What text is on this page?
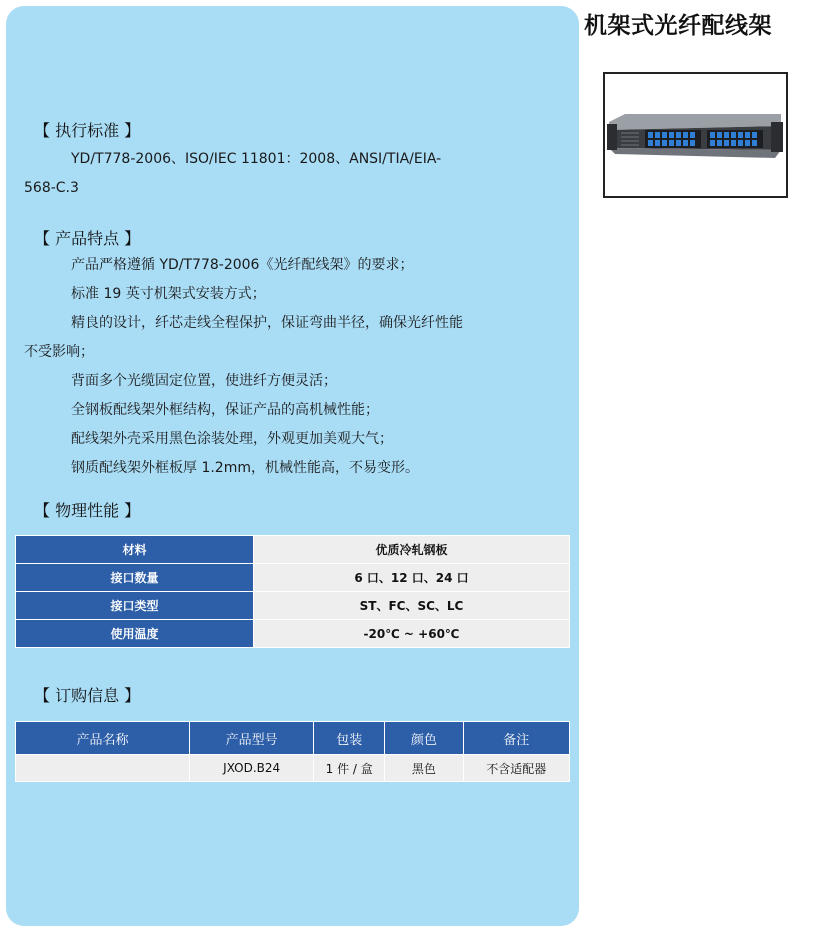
机架式光纤配线架
【 执行标准 】
YD/T778-2006、ISO/IEC 11801：2008、ANSI/TIA/EIA-
568-C.3
【 产品特点 】
产品严格遵循 YD/T778-2006《光纤配线架》的要求；
标准 19 英寸机架式安装方式；
精良的设计，纤芯走线全程保护，保证弯曲半径，确保光纤性能
不受影响；
背面多个光缆固定位置，使进纤方便灵活；
全钢板配线架外框结构，保证产品的高机械性能；
配线架外壳采用黑色涂装处理，外观更加美观大气；
钢质配线架外框板厚 1.2mm，机械性能高，不易变形。
【 物理性能 】
材料	优质冷轧钢板
接口数量	6 口、12 口、24 口
接口类型	ST、FC、SC、LC
使用温度	-20℃ ~ +60℃
【 订购信息 】
产品名称	产品型号	包装	颜色	备注
	JXOD.B24	1 件 / 盒	黑色	不含适配器
